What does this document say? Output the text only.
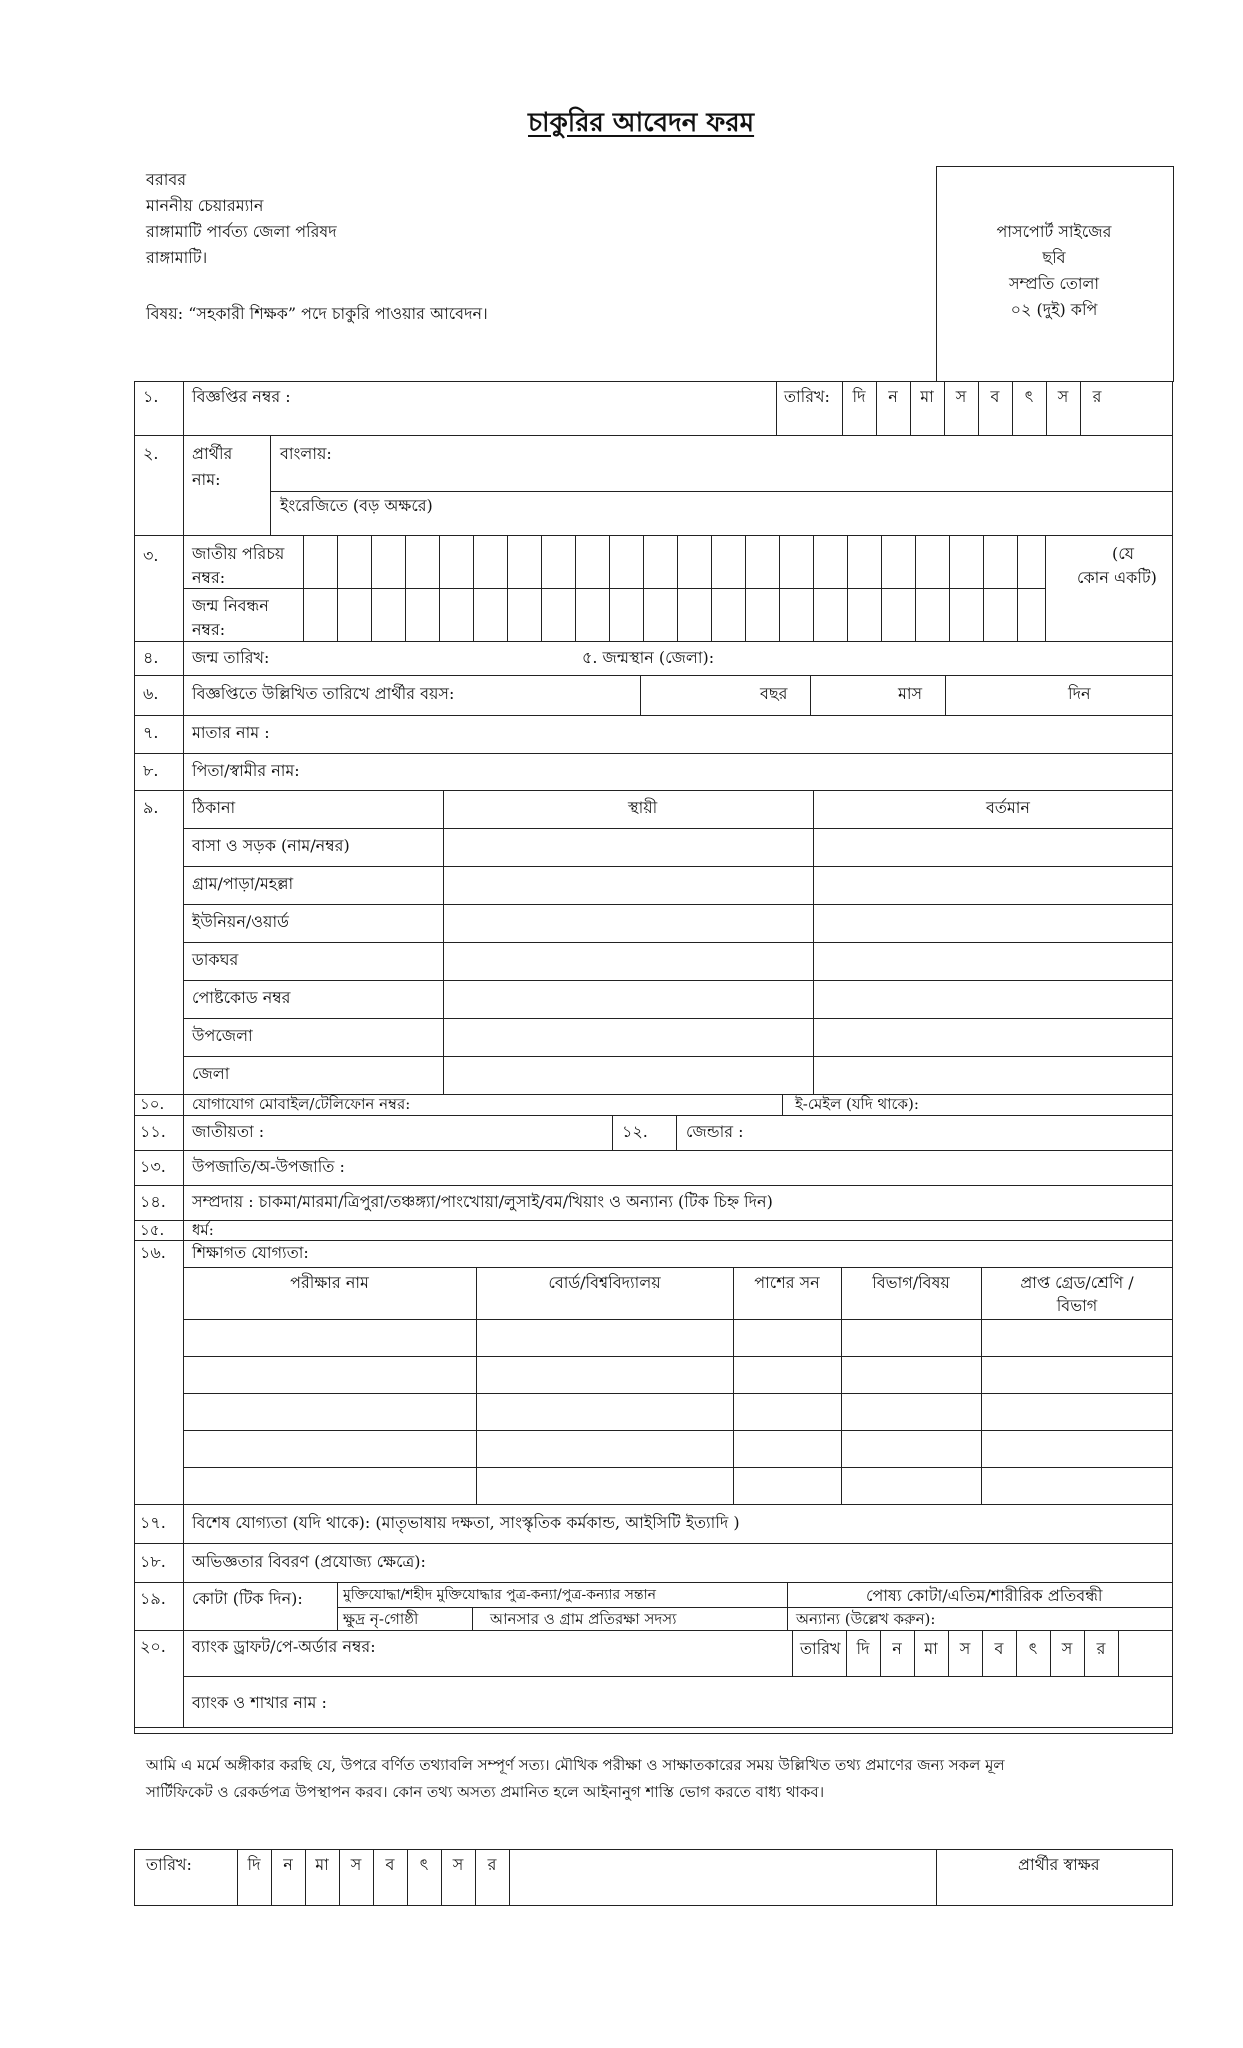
চাকুরির আবেদন ফরম
বরাবর
মাননীয় চেয়ারম্যান
রাঙ্গামাটি পার্বত্য জেলা পরিষদ
রাঙ্গামাটি।
বিষয়: “সহকারী শিক্ষক” পদে চাকুরি পাওয়ার আবেদন।
পাসপোর্ট সাইজের
ছবি
সম্প্রতি তোলা
০২ (দুই) কপি
১. বিজ্ঞপ্তির নম্বর :	তারিখ:	দি	ন	মা	স	ব	ৎ	স	র
২. প্রার্থীর
নাম:
বাংলায়:
ইংরেজিতে (বড় অক্ষরে)
৩. জাতীয় পরিচয়
নম্বর:
জন্ম নিবন্ধন
নম্বর:
(যে
কোন একটি)
৪. জন্ম তারিখ:	৫. জন্মস্থান (জেলা):
৬. বিজ্ঞপ্তিতে উল্লিখিত তারিখে প্রার্থীর বয়স:	বছর	মাস	দিন
৭. মাতার নাম :
৮. পিতা/স্বামীর নাম:
৯. ঠিকানা	স্থায়ী	বর্তমান
বাসা ও সড়ক (নাম/নম্বর)
গ্রাম/পাড়া/মহল্লা
ইউনিয়ন/ওয়ার্ড
ডাকঘর
পোষ্টকোড নম্বর
উপজেলা
জেলা
১০. যোগাযোগ মোবাইল/টেলিফোন নম্বর:	ই-মেইল (যদি থাকে):
১১. জাতীয়তা :	১২. জেন্ডার :
১৩. উপজাতি/অ-উপজাতি :
১৪. সম্প্রদায় : চাকমা/মারমা/ত্রিপুরা/তঞ্চঙ্গ্যা/পাংখোয়া/লুসাই/বম/খিয়াং ও অন্যান্য (টিক চিহ্ন দিন)
১৫. ধর্ম:
১৬. শিক্ষাগত যোগ্যতা:
পরীক্ষার নাম	বোর্ড/বিশ্ববিদ্যালয়	পাশের সন	বিভাগ/বিষয়	প্রাপ্ত গ্রেড/শ্রেণি /
বিভাগ
১৭. বিশেষ যোগ্যতা (যদি থাকে): (মাতৃভাষায় দক্ষতা, সাংস্কৃতিক কর্মকান্ড, আইসিটি ইত্যাদি )
১৮. অভিজ্ঞতার বিবরণ (প্রযোজ্য ক্ষেত্রে):
১৯. কোটা (টিক দিন):	মুক্তিযোদ্ধা/শহীদ মুক্তিযোদ্ধার পুত্র-কন্যা/পুত্র-কন্যার সন্তান	পোষ্য কোটা/এতিম/শারীরিক প্রতিবন্ধী
ক্ষুদ্র নৃ-গোষ্ঠী	আনসার ও গ্রাম প্রতিরক্ষা সদস্য	অন্যান্য (উল্লেখ করুন):
২০. ব্যাংক ড্রাফট/পে-অর্ডার নম্বর:	তারিখ দি	ন	মা	স	ব	ৎ	স	র
ব্যাংক ও শাখার নাম :
আমি এ মর্মে অঙ্গীকার করছি যে, উপরে বর্ণিত তথ্যাবলি সম্পূর্ণ সত্য। মৌখিক পরীক্ষা ও সাক্ষাতকারের সময় উল্লিখিত তথ্য প্রমাণের জন্য সকল মূল
সার্টিফিকেট ও রেকর্ডপত্র উপস্থাপন করব। কোন তথ্য অসত্য প্রমানিত হলে আইনানুগ শাস্তি ভোগ করতে বাধ্য থাকব।
তারিখ:	দি	ন	মা	স	ব	ৎ	স	র	প্রার্থীর স্বাক্ষর
